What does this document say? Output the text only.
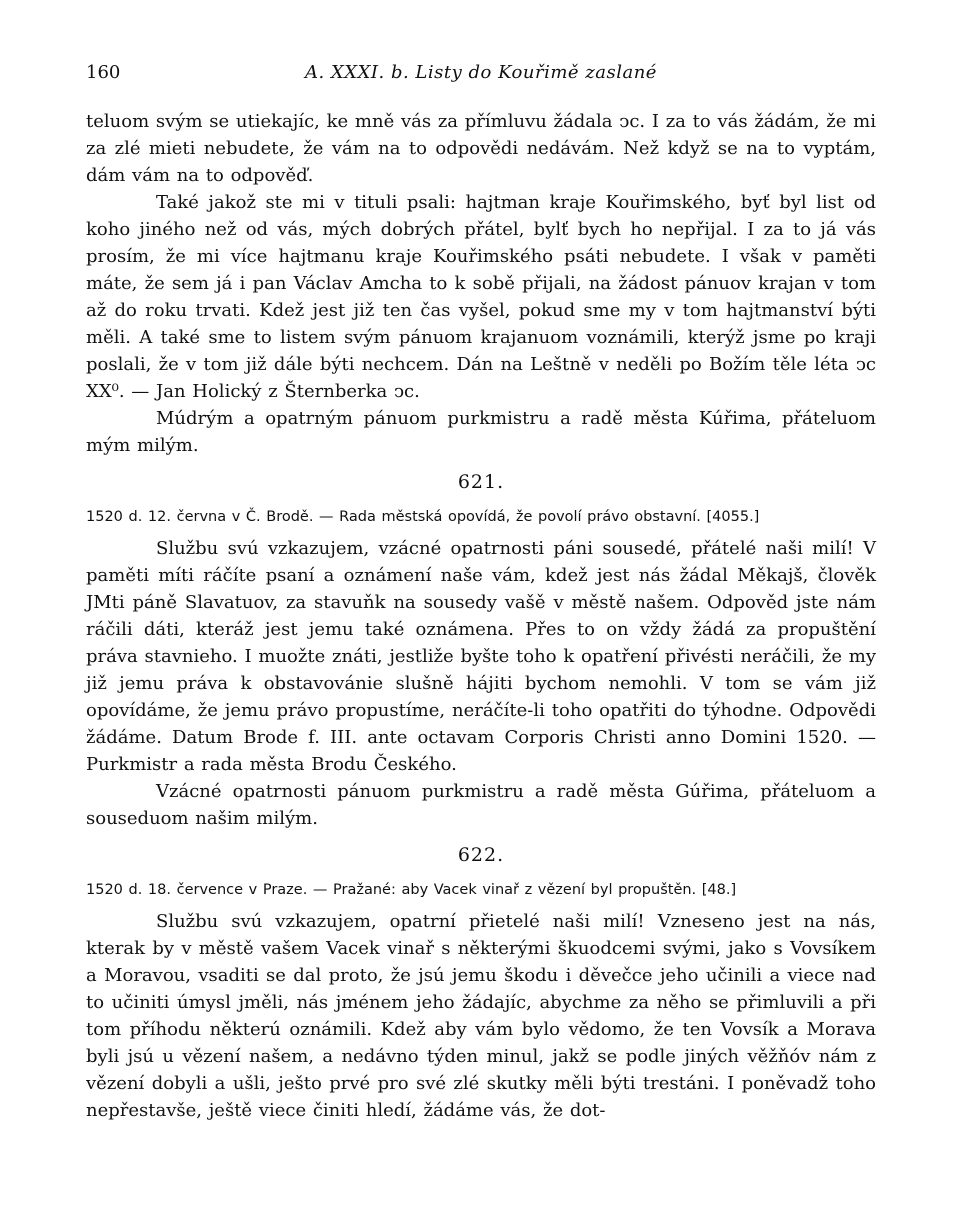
160	A. XXXI. b. Listy do Kouřimě zaslané

teluom svým se utiekajíc, ke mně vás za přímluvu žádala ͻc. I za to vás žádám, že mi za zlé mieti nebudete, že vám na to odpovědi nedávám. Než když se na to vyptám, dám vám na to odpověď.

Také jakož ste mi v tituli psali: hajtman kraje Kouřimského, byť byl list od koho jiného než od vás, mých dobrých přátel, bylť bych ho nepřijal. I za to já vás prosím, že mi více hajtmanu kraje Kouřimského psáti nebudete. I však v paměti máte, že sem já i pan Václav Amcha to k sobě přijali, na žádost pánuov krajan v tom až do roku trvati. Kdež jest již ten čas vyšel, pokud sme my v tom hajtmanství býti měli. A také sme to listem svým pánuom krajanuom voznámili, kterýž jsme po kraji poslali, že v tom již dále býti nechcem. Dán na Leštně v neděli po Božím těle léta ͻc XX⁰. — Jan Holický z Šternberka ͻc.

Múdrým a opatrným pánuom purkmistru a radě města Kúřima, přáteluom mým milým.

621.

1520 d. 12. června v Č. Brodě. — Rada městská opovídá, že povolí právo obstavní. [4055.]

Službu svú vzkazujem, vzácné opatrnosti páni sousedé, přátelé naši milí! V paměti míti ráčíte psaní a oznámení naše vám, kdež jest nás žádal Měkajš, člověk JMti páně Slavatuov, za stavuňk na sousedy vašě v městě našem. Odpověd jste nám ráčili dáti, kteráž jest jemu také oznámena. Přes to on vždy žádá za propuštění práva stavnieho. I muožte znáti, jestliže byšte toho k opatření přivésti neráčili, že my již jemu práva k obstavovánie slušně hájiti bychom nemohli. V tom se vám již opovídáme, že jemu právo propustíme, neráčíte-li toho opatřiti do týhodne. Odpovědi žádáme. Datum Brode f. III. ante octavam Corporis Christi anno Domini 1520. — Purkmistr a rada města Brodu Českého.

Vzácné opatrnosti pánuom purkmistru a radě města Gúřima, přáteluom a souseduom našim milým.

622.

1520 d. 18. července v Praze. — Pražané: aby Vacek vinař z vězení byl propuštěn. [48.]

Službu svú vzkazujem, opatrní přietelé naši milí! Vzneseno jest na nás, kterak by v městě vašem Vacek vinař s některými škuodcemi svými, jako s Vovsíkem a Moravou, vsaditi se dal proto, že jsú jemu škodu i děvečce jeho učinili a viece nad to učiniti úmysl jměli, nás jménem jeho žádajíc, abychme za něho se přimluvili a při tom příhodu některú oznámili. Kdež aby vám bylo vědomo, že ten Vovsík a Morava byli jsú u vězení našem, a nedávno týden minul, jakž se podle jiných věžňóv nám z vězení dobyli a ušli, ješto prvé pro své zlé skutky měli býti trestáni. I poněvadž toho nepřestavše, ještě viece činiti hledí, žádáme vás, že dot-
